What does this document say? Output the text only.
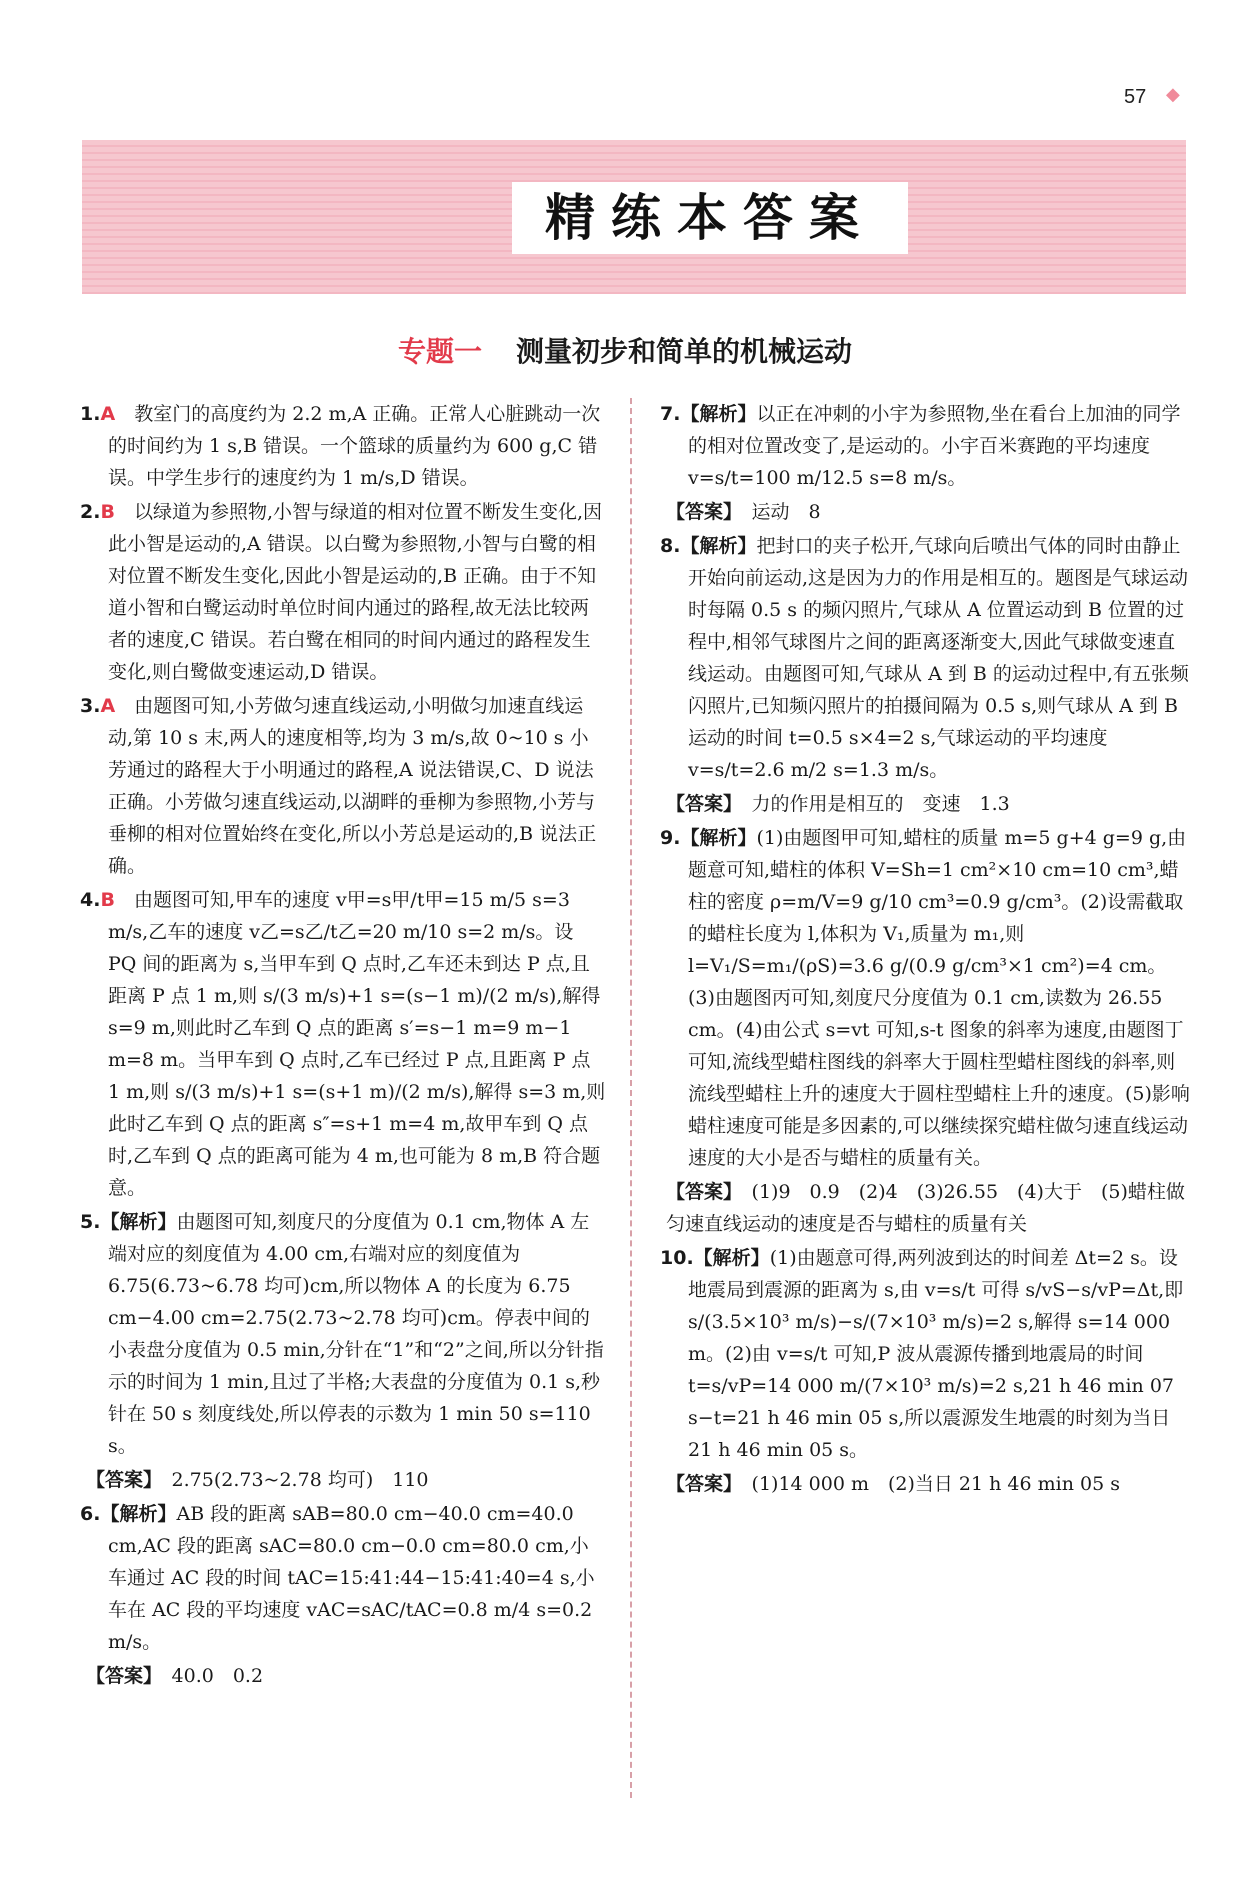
57 ◆
精练本答案
专题一 测量初步和简单的机械运动
1.A　 教室门的高度约为 2.2 m,A 正确。正常人心脏跳动一次的时间约为 1 s,B 错误。一个篮球的质量约为 600 g,C 错误。中学生步行的速度约为 1 m/s,D 错误。
2.B　 以绿道为参照物,小智与绿道的相对位置不断发生变化,因此小智是运动的,A 错误。以白鹭为参照物,小智与白鹭的相对位置不断发生变化,因此小智是运动的,B 正确。由于不知道小智和白鹭运动时单位时间内通过的路程,故无法比较两者的速度,C 错误。若白鹭在相同的时间内通过的路程发生变化,则白鹭做变速运动,D 错误。
3.A　 由题图可知,小芳做匀速直线运动,小明做匀加速直线运动,第 10 s 末,两人的速度相等,均为 3 m/s,故 0~10 s 小芳通过的路程大于小明通过的路程,A 说法错误,C、D 说法正确。小芳做匀速直线运动,以湖畔的垂柳为参照物,小芳与垂柳的相对位置始终在变化,所以小芳总是运动的,B 说法正确。
4.B　 由题图可知,甲车的速度 v甲=s甲/t甲=15 m/5 s=3 m/s,乙车的速度 v乙=s乙/t乙=20 m/10 s=2 m/s。设 PQ 间的距离为 s,当甲车到 Q 点时,乙车还未到达 P 点,且距离 P 点 1 m,则 s/(3 m/s)+1 s=(s−1 m)/(2 m/s),解得 s=9 m,则此时乙车到 Q 点的距离 s′=s−1 m=9 m−1 m=8 m。当甲车到 Q 点时,乙车已经过 P 点,且距离 P 点 1 m,则 s/(3 m/s)+1 s=(s+1 m)/(2 m/s),解得 s=3 m,则此时乙车到 Q 点的距离 s″=s+1 m=4 m,故甲车到 Q 点时,乙车到 Q 点的距离可能为 4 m,也可能为 8 m,B 符合题意。
5.【解析】由题图可知,刻度尺的分度值为 0.1 cm,物体 A 左端对应的刻度值为 4.00 cm,右端对应的刻度值为 6.75(6.73~6.78 均可)cm,所以物体 A 的长度为 6.75 cm−4.00 cm=2.75(2.73~2.78 均可)cm。停表中间的小表盘分度值为 0.5 min,分针在“1”和“2”之间,所以分针指示的时间为 1 min,且过了半格;大表盘的分度值为 0.1 s,秒针在 50 s 刻度线处,所以停表的示数为 1 min 50 s=110 s。
【答案】　 2.75(2.73~2.78 均可)　110
6.【解析】AB 段的距离 sAB=80.0 cm−40.0 cm=40.0 cm,AC 段的距离 sAC=80.0 cm−0.0 cm=80.0 cm,小车通过 AC 段的时间 tAC=15:41:44−15:41:40=4 s,小车在 AC 段的平均速度 vAC=sAC/tAC=0.8 m/4 s=0.2 m/s。
【答案】　 40.0　0.2
7.【解析】以正在冲刺的小宇为参照物,坐在看台上加油的同学的相对位置改变了,是运动的。小宇百米赛跑的平均速度 v=s/t=100 m/12.5 s=8 m/s。
【答案】　 运动　8
8.【解析】把封口的夹子松开,气球向后喷出气体的同时由静止开始向前运动,这是因为力的作用是相互的。题图是气球运动时每隔 0.5 s 的频闪照片,气球从 A 位置运动到 B 位置的过程中,相邻气球图片之间的距离逐渐变大,因此气球做变速直线运动。由题图可知,气球从 A 到 B 的运动过程中,有五张频闪照片,已知频闪照片的拍摄间隔为 0.5 s,则气球从 A 到 B 运动的时间 t=0.5 s×4=2 s,气球运动的平均速度 v=s/t=2.6 m/2 s=1.3 m/s。
【答案】　 力的作用是相互的　变速　1.3
9.【解析】(1)由题图甲可知,蜡柱的质量 m=5 g+4 g=9 g,由题意可知,蜡柱的体积 V=Sh=1 cm²×10 cm=10 cm³,蜡柱的密度 ρ=m/V=9 g/10 cm³=0.9 g/cm³。(2)设需截取的蜡柱长度为 l,体积为 V₁,质量为 m₁,则 l=V₁/S=m₁/(ρS)=3.6 g/(0.9 g/cm³×1 cm²)=4 cm。(3)由题图丙可知,刻度尺分度值为 0.1 cm,读数为 26.55 cm。(4)由公式 s=vt 可知,s-t 图象的斜率为速度,由题图丁可知,流线型蜡柱图线的斜率大于圆柱型蜡柱图线的斜率,则流线型蜡柱上升的速度大于圆柱型蜡柱上升的速度。(5)影响蜡柱速度可能是多因素的,可以继续探究蜡柱做匀速直线运动速度的大小是否与蜡柱的质量有关。
【答案】　 (1)9　0.9　(2)4　(3)26.55　(4)大于　(5)蜡柱做匀速直线运动的速度是否与蜡柱的质量有关
10.【解析】(1)由题意可得,两列波到达的时间差 Δt=2 s。设地震局到震源的距离为 s,由 v=s/t 可得 s/vS−s/vP=Δt,即 s/(3.5×10³ m/s)−s/(7×10³ m/s)=2 s,解得 s=14 000 m。(2)由 v=s/t 可知,P 波从震源传播到地震局的时间 t=s/vP=14 000 m/(7×10³ m/s)=2 s,21 h 46 min 07 s−t=21 h 46 min 05 s,所以震源发生地震的时刻为当日 21 h 46 min 05 s。
【答案】　 (1)14 000 m　(2)当日 21 h 46 min 05 s
